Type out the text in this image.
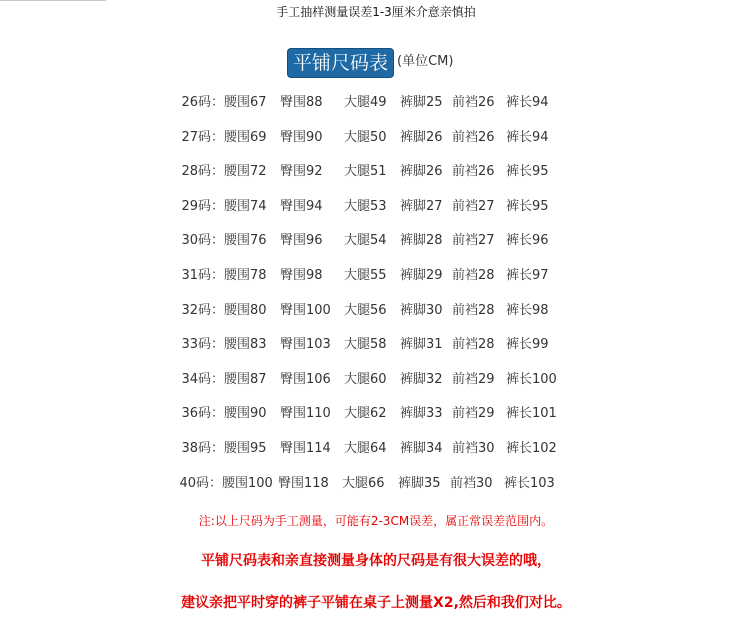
手工抽样测量误差1-3厘米介意亲慎拍
平铺尺码表 (单位CM)
26码：腰围67 臀围88 大腿49 裤脚25 前裆26 裤长94
27码：腰围69 臀围90 大腿50 裤脚26 前裆26 裤长94
28码：腰围72 臀围92 大腿51 裤脚26 前裆26 裤长95
29码：腰围74 臀围94 大腿53 裤脚27 前裆27 裤长95
30码：腰围76 臀围96 大腿54 裤脚28 前裆27 裤长96
31码：腰围78 臀围98 大腿55 裤脚29 前裆28 裤长97
32码：腰围80 臀围100 大腿56 裤脚30 前裆28 裤长98
33码：腰围83 臀围103 大腿58 裤脚31 前裆28 裤长99
34码：腰围87 臀围106 大腿60 裤脚32 前裆29 裤长100
36码：腰围90 臀围110 大腿62 裤脚33 前裆29 裤长101
38码：腰围95 臀围114 大腿64 裤脚34 前裆30 裤长102
40码：腰围100 臀围118 大腿66 裤脚35 前裆30 裤长103
注:以上尺码为手工测量，可能有2-3CM误差，属正常误差范围内。
平铺尺码表和亲直接测量身体的尺码是有很大误差的哦，
建议亲把平时穿的裤子平铺在桌子上测量X2,然后和我们对比。
